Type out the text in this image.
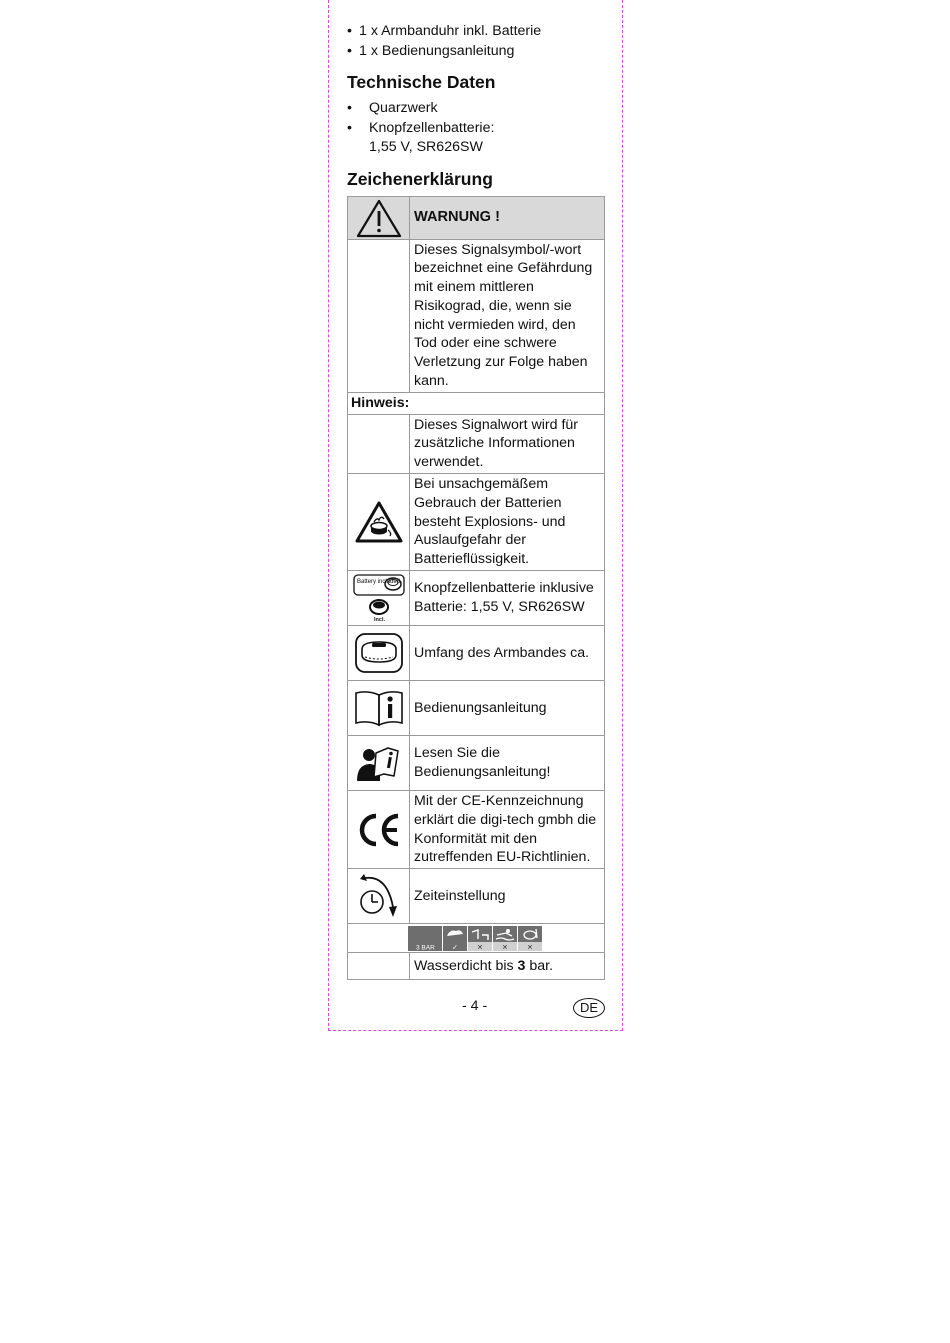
• 1 x Armbanduhr inkl. Batterie
• 1 x Bedienungsanleitung
Technische Daten
• Quarzwerk
• Knopfzellenbatterie:
1,55 V, SR626SW
Zeichenerklärung
	WARNUNG !
	Dieses Signalsymbol/-wort bezeichnet eine Gefährdung mit einem mittleren Risikograd, die, wenn sie nicht vermieden wird, den Tod oder eine schwere Verletzung zur Folge haben kann.
Hinweis:	
	Dieses Signalwort wird für zusätzliche Informationen verwendet.

	Bei unsachgemäßem Gebrauch der Batterien besteht Explosions- und Auslaufgefahr der Batterieflüssigkeit.

Battery included
Incl.	Knopfzellenbatterie inklusive Batterie: 1,55 V, SR626SW

	Umfang des Armbandes ca.

	Bedienungsanleitung

	Lesen Sie die Bedienungsanleitung!

	Mit der CE-Kennzeichnung erklärt die digi-tech gmbh die Konformität mit den zutreffenden EU-Richtlinien.

	Zeiteinstellung

3 BAR ✓ ✕ ✕ ✕	

	Wasserdicht bis 3 bar.
- 4 -	DE
